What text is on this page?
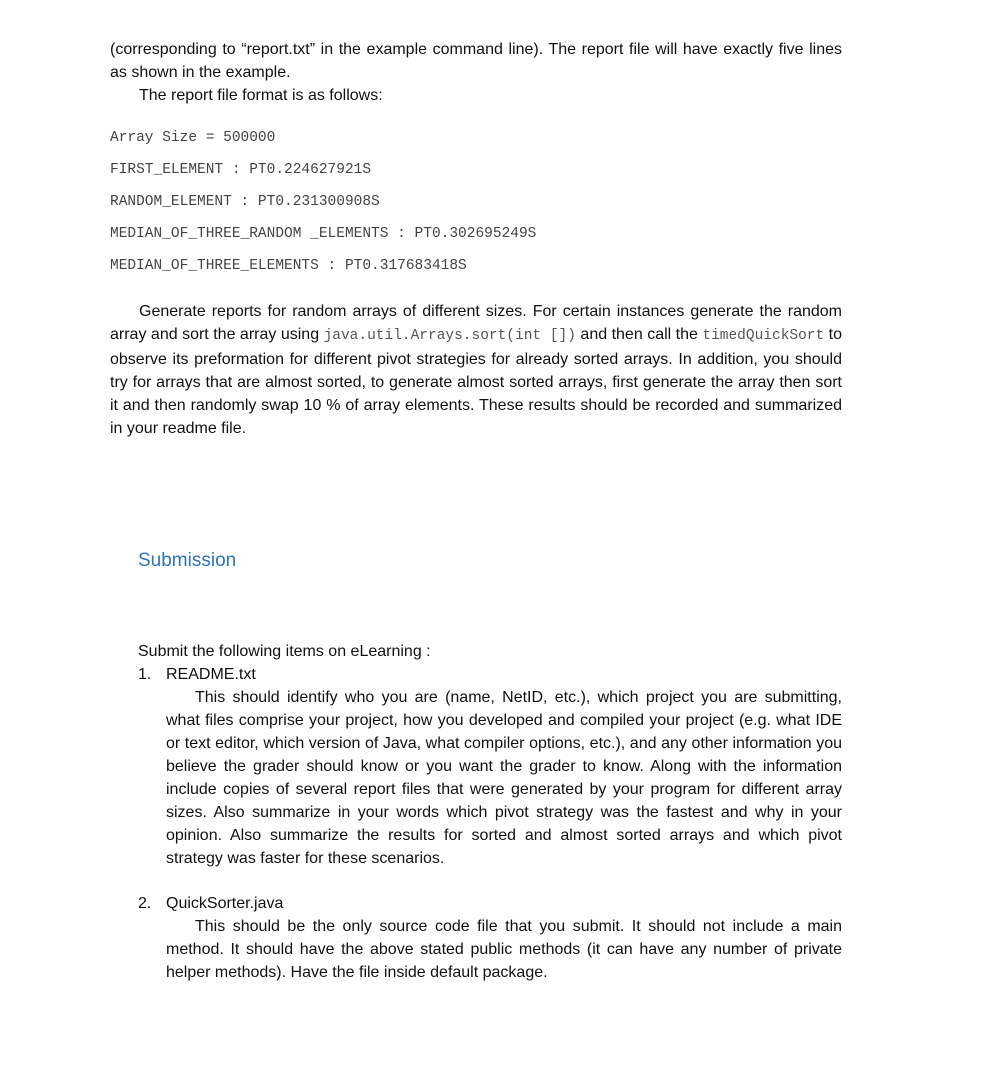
(corresponding to “report.txt” in the example command line). The report file will have exactly five lines as shown in the example.
The report file format is as follows:

Array Size = 500000
FIRST_ELEMENT : PT0.224627921S
RANDOM_ELEMENT : PT0.231300908S
MEDIAN_OF_THREE_RANDOM _ELEMENTS : PT0.302695249S
MEDIAN_OF_THREE_ELEMENTS : PT0.317683418S

Generate reports for random arrays of different sizes. For certain instances generate the random array and sort the array using java.util.Arrays.sort(int []) and then call the timedQuickSort to observe its preformation for different pivot strategies for already sorted arrays. In addition, you should try for arrays that are almost sorted, to generate almost sorted arrays, first generate the array then sort it and then randomly swap 10 % of array elements. These results should be recorded and summarized in your readme file.

Submission

Submit the following items on eLearning :

1. README.txt

This should identify who you are (name, NetID, etc.), which project you are submitting, what files comprise your project, how you developed and compiled your project (e.g. what IDE or text editor, which version of Java, what compiler options, etc.), and any other information you believe the grader should know or you want the grader to know. Along with the information include copies of several report files that were generated by your program for different array sizes. Also summarize in your words which pivot strategy was the fastest and why in your opinion. Also summarize the results for sorted and almost sorted arrays and which pivot strategy was faster for these scenarios.

2. QuickSorter.java

This should be the only source code file that you submit. It should not include a main method. It should have the above stated public methods (it can have any number of private helper methods). Have the file inside default package.
